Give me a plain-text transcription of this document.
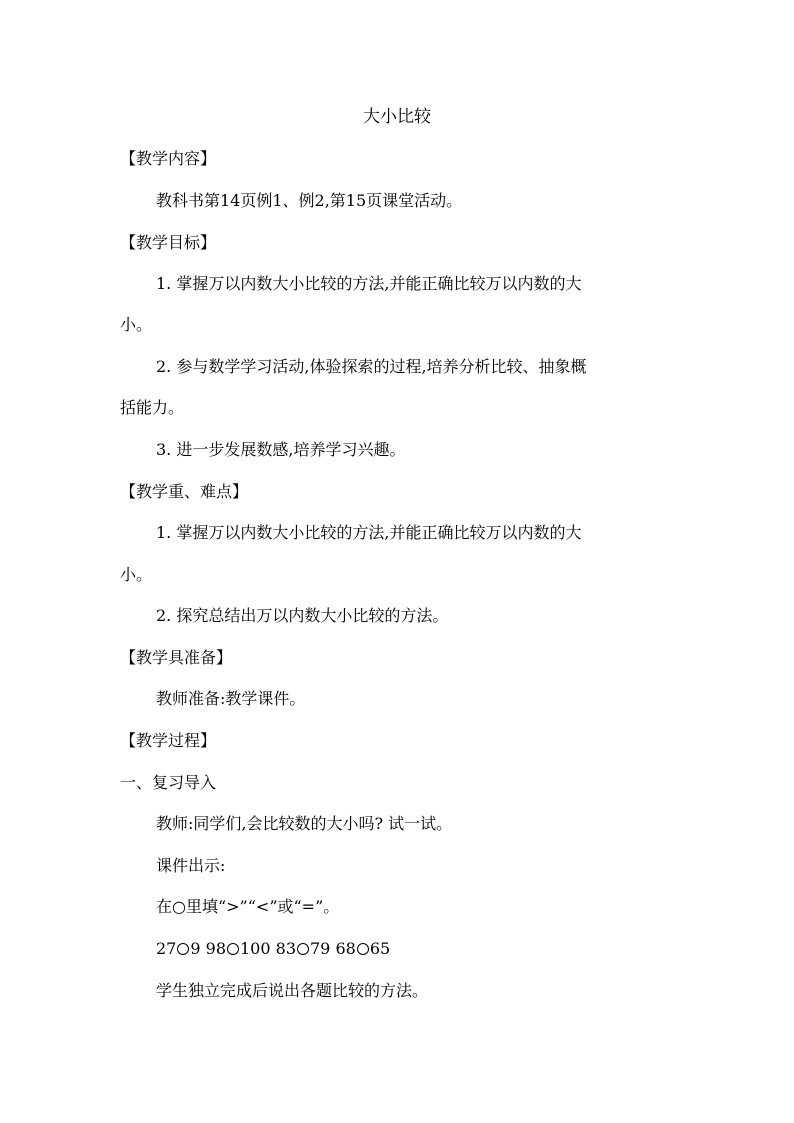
大小比较
【教学内容】
教科书第14页例1、例2,第15页课堂活动。
【教学目标】
1. 掌握万以内数大小比较的方法,并能正确比较万以内数的大
小。
2. 参与数学学习活动,体验探索的过程,培养分析比较、抽象概
括能力。
3. 进一步发展数感,培养学习兴趣。
【教学重、难点】
1. 掌握万以内数大小比较的方法,并能正确比较万以内数的大
小。
2. 探究总结出万以内数大小比较的方法。
【教学具准备】
教师准备:教学课件。
【教学过程】
一、复习导入
教师:同学们,会比较数的大小吗? 试一试。
课件出示:
在○里填“>”“<”或“=”。
27 9 98 100 83 79 68 65
学生独立完成后说出各题比较的方法。
